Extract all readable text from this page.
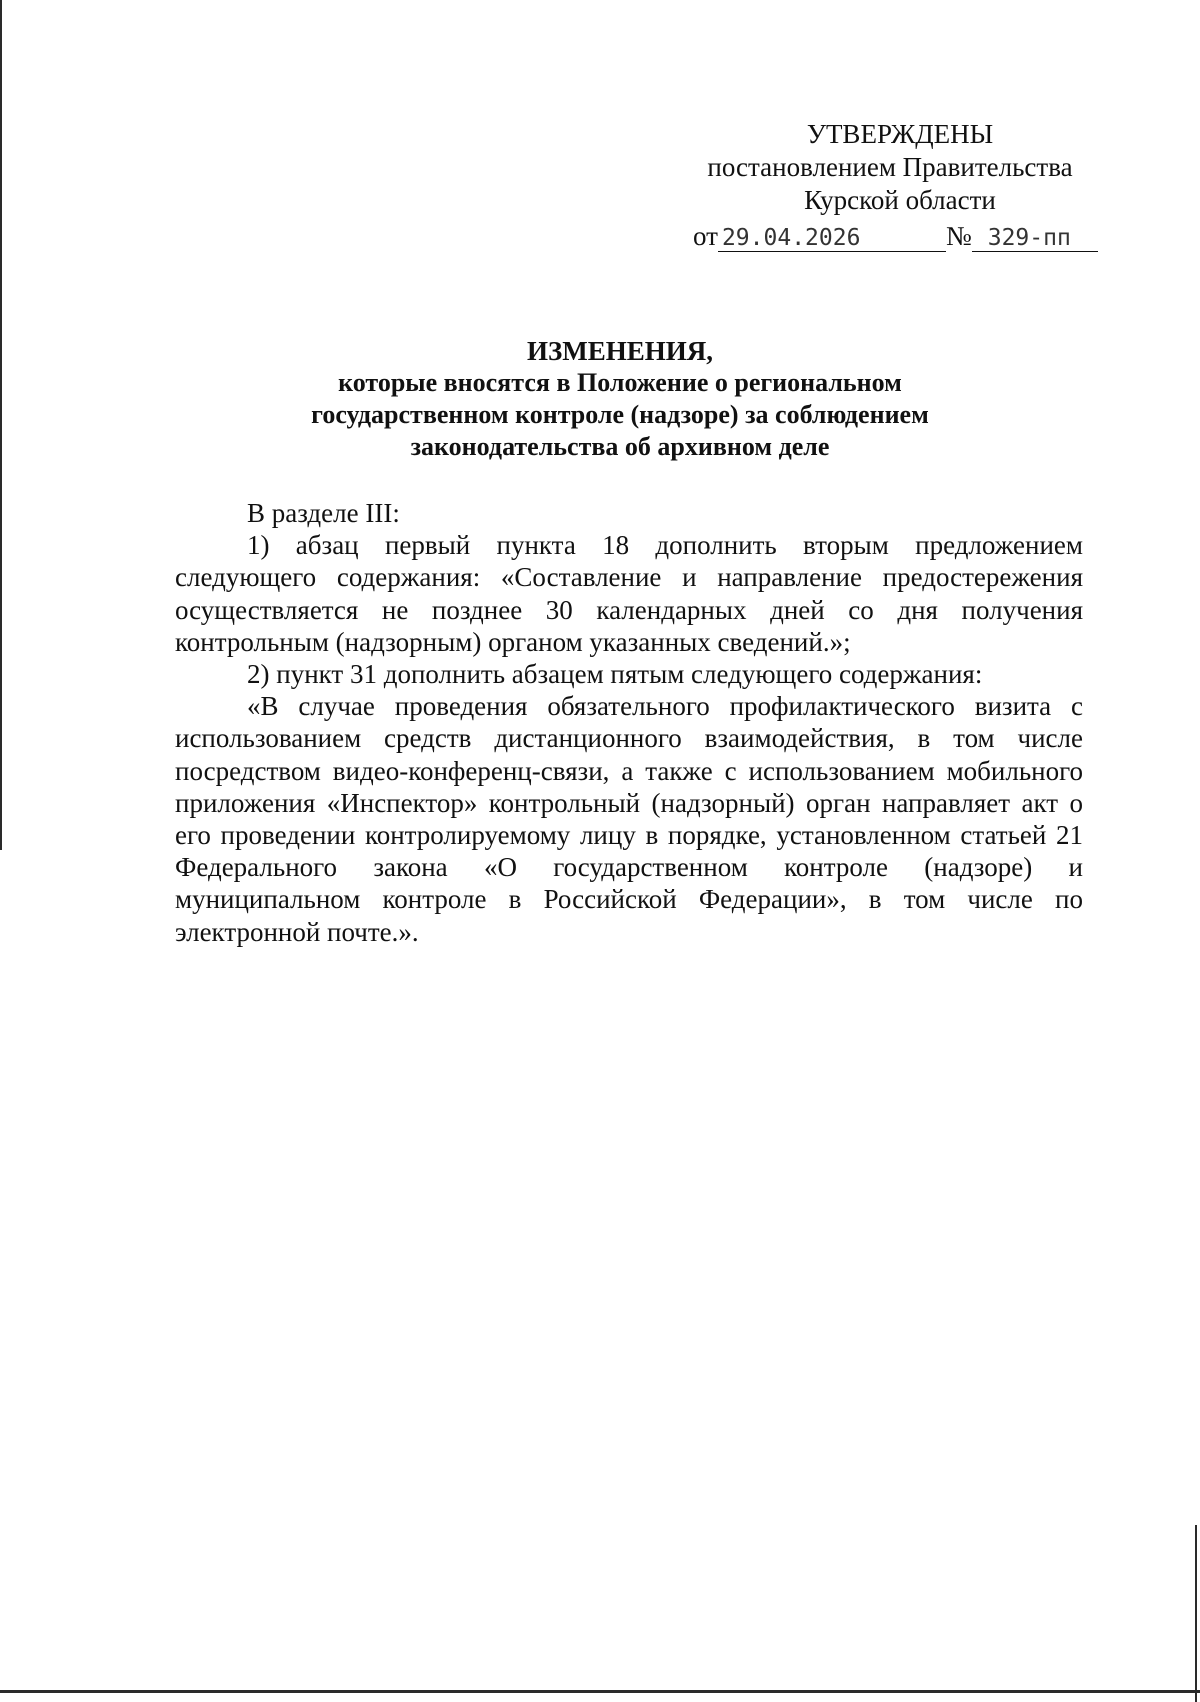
УТВЕРЖДЕНЫ
постановлением Правительства
Курской области
от 29.04.2026	№ 329-пп
ИЗМЕНЕНИЯ,
которые вносятся в Положение о региональном
государственном контроле (надзоре) за соблюдением
законодательства об архивном деле

В разделе III:

1) абзац первый пункта 18 дополнить вторым предложением следующего содержания: «Составление и направление предостережения осуществляется не позднее 30 календарных дней со дня получения контрольным (надзорным) органом указанных сведений.»;

2) пункт 31 дополнить абзацем пятым следующего содержания:

«В случае проведения обязательного профилактического визита с использованием средств дистанционного взаимодействия, в том числе посредством видео-конференц-связи, а также с использованием мобильного приложения «Инспектор» контрольный (надзорный) орган направляет акт о его проведении контролируемому лицу в порядке, установленном статьей 21 Федерального закона «О государственном контроле (надзоре) и муниципальном контроле в Российской Федерации», в том числе по электронной почте.».
